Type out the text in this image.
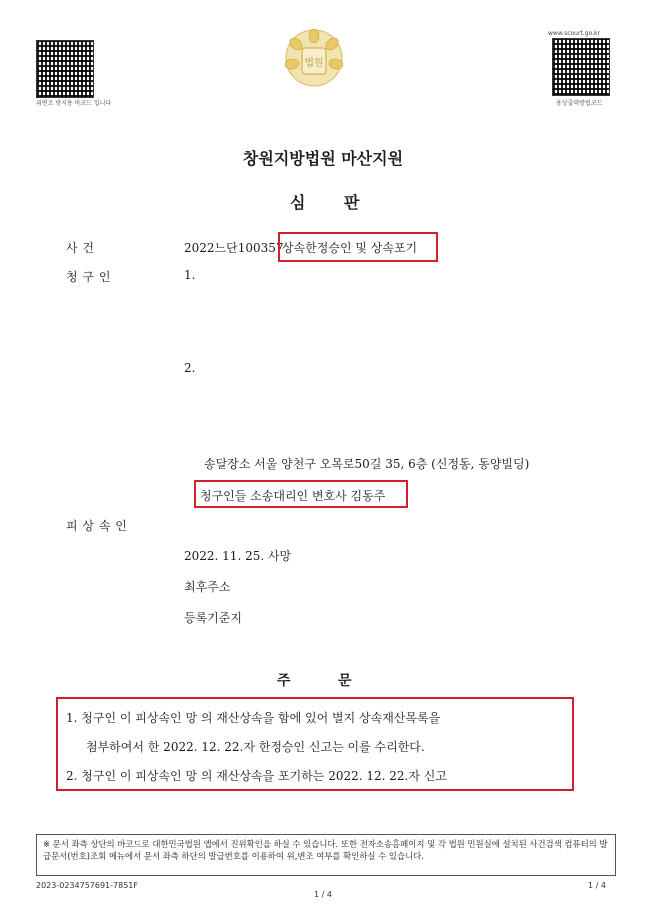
위변조 방지용 바코드 입니다
법원
www.scourt.go.kr
용상출력방법코드
창원지방법원 마산지원
심 판
사 건	2022느단100357
상속한정승인 및 상속포기
청 구 인	1.
2.
송달장소 서울 양천구 오목로50길 35, 6층 (신정동, 동양빌딩)
청구인들 소송대리인 변호사 김동주
피 상 속 인
2022. 11. 25. 사망
최후주소
등록기준지
주	문
1. 청구인 이 피상속인 망 의 재산상속을 함에 있어 별지 상속재산목록을
첨부하여서 한 2022. 12. 22.자 한정승인 신고는 이를 수리한다.
2. 청구인 이 피상속인 망 의 재산상속을 포기하는 2022. 12. 22.자 신고
※ 문서 좌측 상단의 바코드로 대한민국법원 앱에서 진위확인을 하실 수 있습니다. 또한 전자소송홈페이지 및 각 법원 민원실에 설치된 사건검색 컴퓨터의 발급문서(번호)조회 메뉴에서 문서 좌측 하단의 발급번호를 이용하여 위,변조 여부를 확인하실 수 있습니다.
2023-0234757691-7851F
1 / 4
1 / 4
